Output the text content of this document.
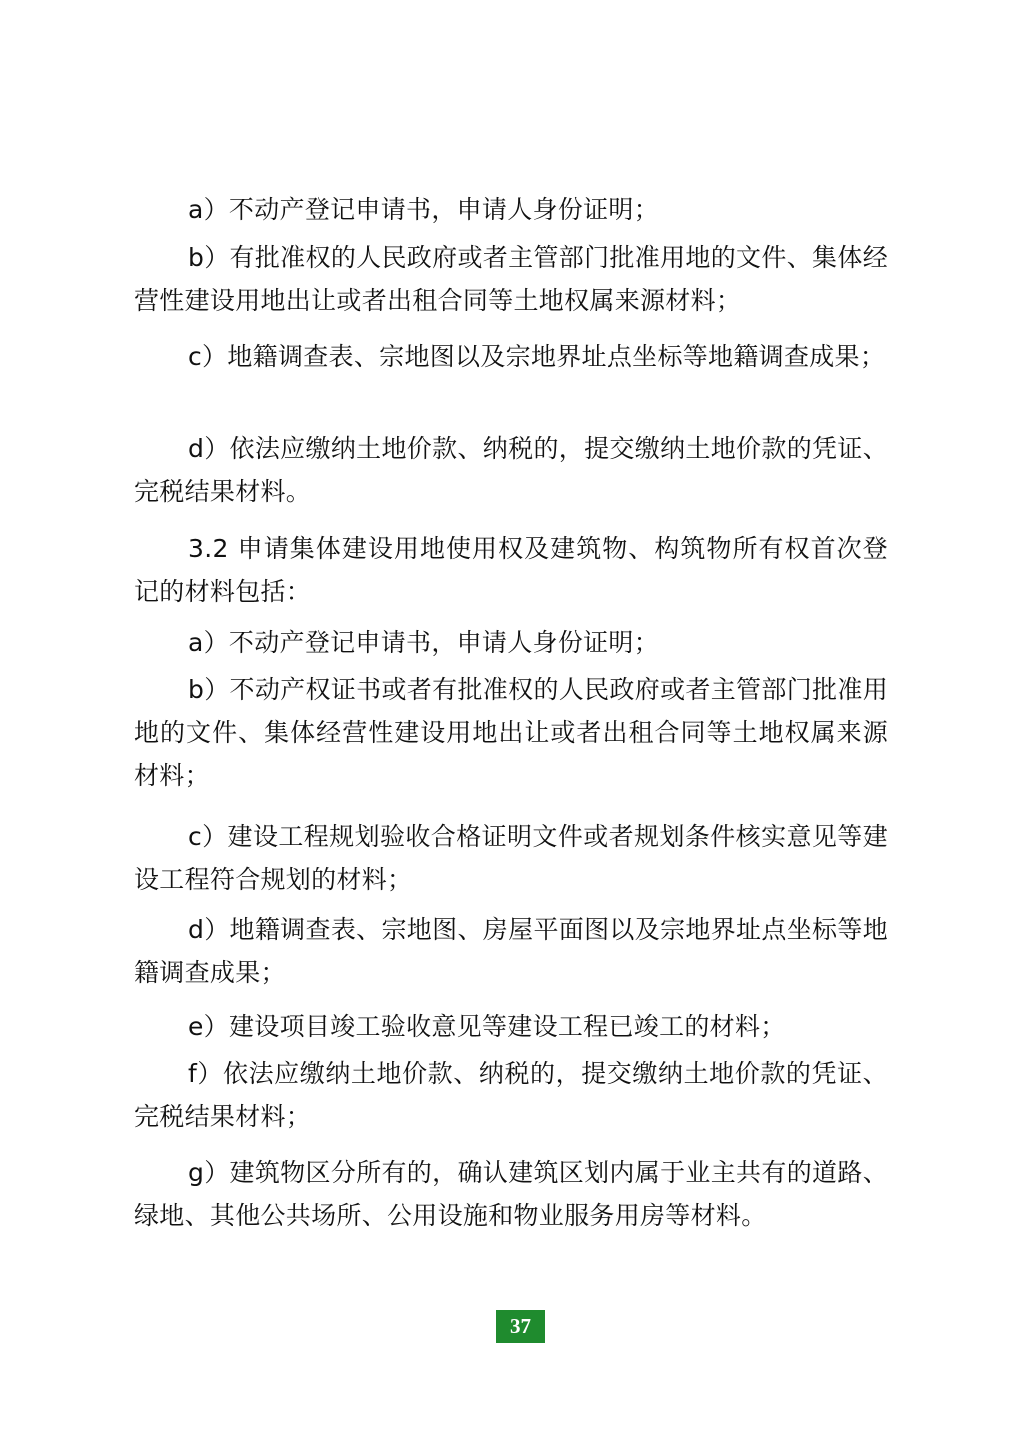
a）不动产登记申请书，申请人身份证明；

b）有批准权的人民政府或者主管部门批准用地的文件、集体经营性建设用地出让或者出租合同等土地权属来源材料；

c）地籍调查表、宗地图以及宗地界址点坐标等地籍调查成果；

d）依法应缴纳土地价款、纳税的，提交缴纳土地价款的凭证、完税结果材料。

3.2 申请集体建设用地使用权及建筑物、构筑物所有权首次登记的材料包括：

a）不动产登记申请书，申请人身份证明；

b）不动产权证书或者有批准权的人民政府或者主管部门批准用地的文件、集体经营性建设用地出让或者出租合同等土地权属来源材料；

c）建设工程规划验收合格证明文件或者规划条件核实意见等建设工程符合规划的材料；

d）地籍调查表、宗地图、房屋平面图以及宗地界址点坐标等地籍调查成果；

e）建设项目竣工验收意见等建设工程已竣工的材料；

f）依法应缴纳土地价款、纳税的，提交缴纳土地价款的凭证、完税结果材料；

g）建筑物区分所有的，确认建筑区划内属于业主共有的道路、绿地、其他公共场所、公用设施和物业服务用房等材料。

37
